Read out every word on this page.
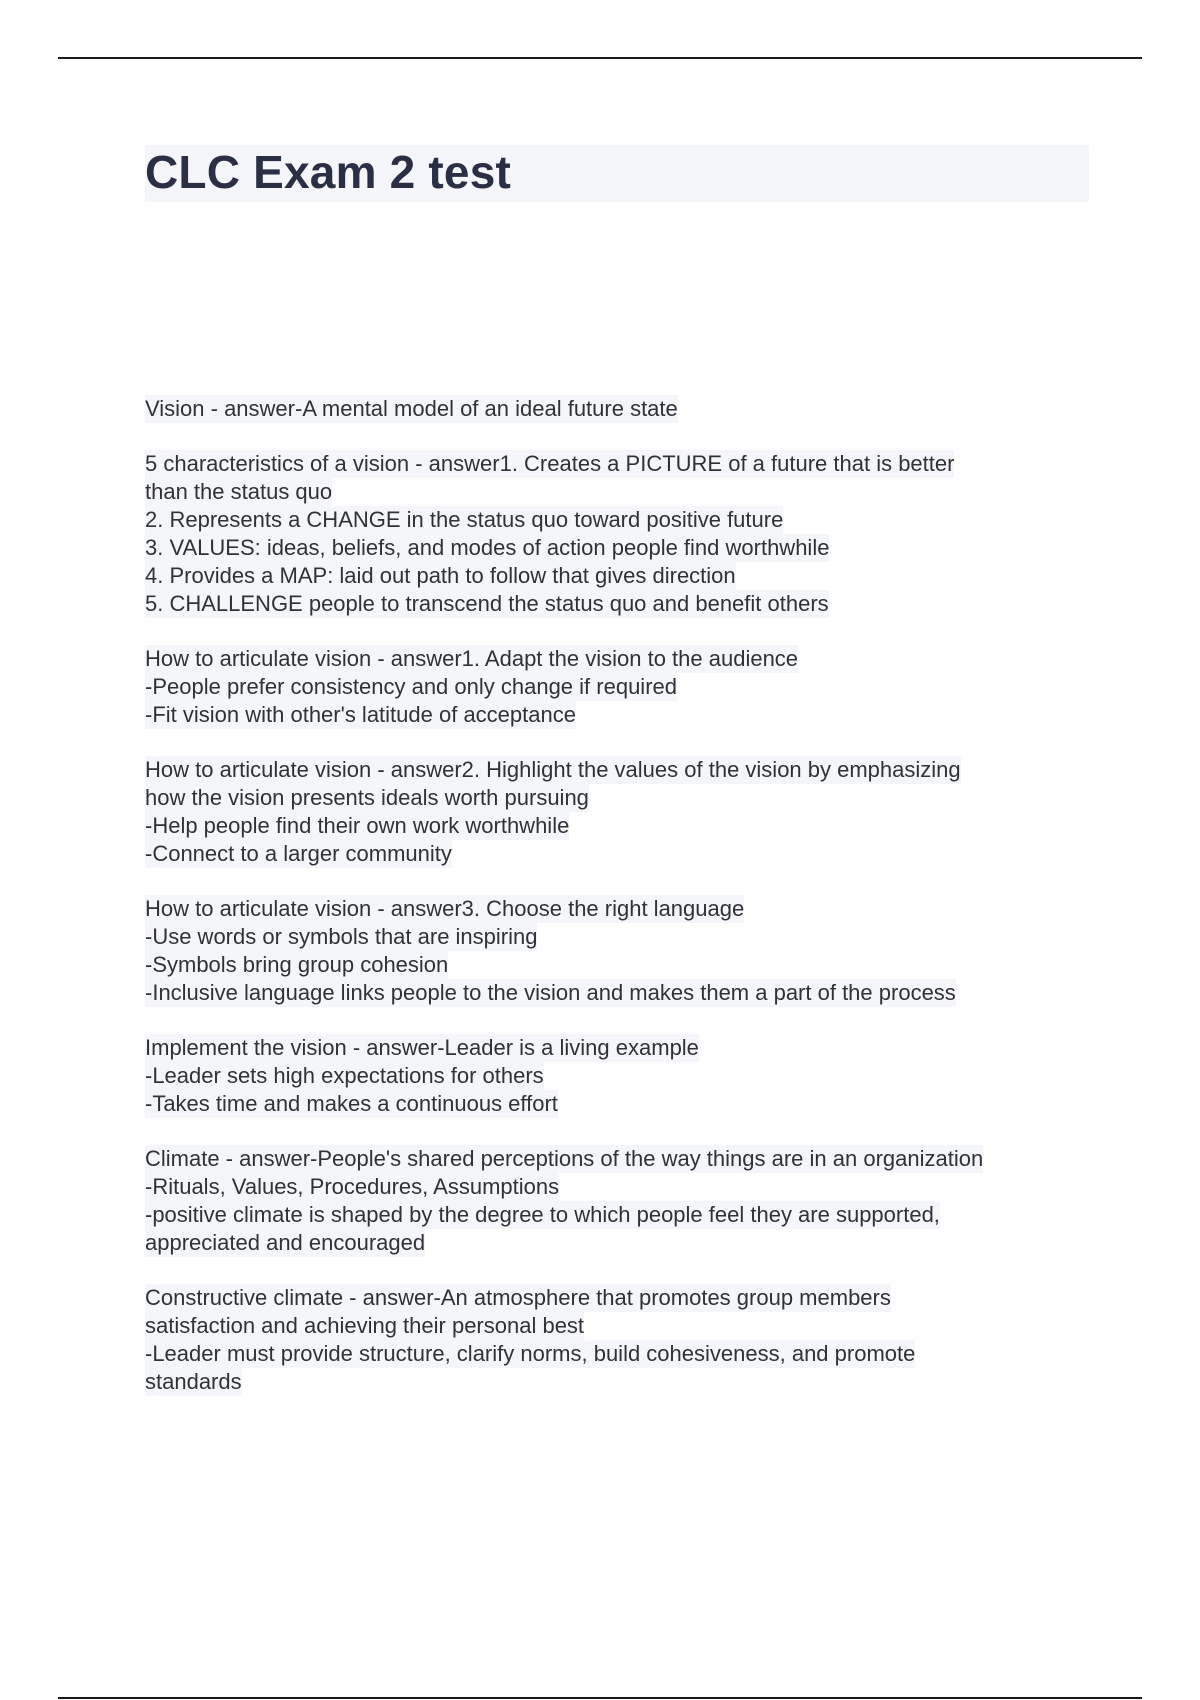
CLC Exam 2 test
Vision - answer-A mental model of an ideal future state
5 characteristics of a vision - answer1. Creates a PICTURE of a future that is better
than the status quo
2. Represents a CHANGE in the status quo toward positive future
3. VALUES: ideas, beliefs, and modes of action people find worthwhile
4. Provides a MAP: laid out path to follow that gives direction
5. CHALLENGE people to transcend the status quo and benefit others
How to articulate vision - answer1. Adapt the vision to the audience
-People prefer consistency and only change if required
-Fit vision with other's latitude of acceptance
How to articulate vision - answer2. Highlight the values of the vision by emphasizing
how the vision presents ideals worth pursuing
-Help people find their own work worthwhile
-Connect to a larger community
How to articulate vision - answer3. Choose the right language
-Use words or symbols that are inspiring
-Symbols bring group cohesion
-Inclusive language links people to the vision and makes them a part of the process
Implement the vision - answer-Leader is a living example
-Leader sets high expectations for others
-Takes time and makes a continuous effort
Climate - answer-People's shared perceptions of the way things are in an organization
-Rituals, Values, Procedures, Assumptions
-positive climate is shaped by the degree to which people feel they are supported,
appreciated and encouraged
Constructive climate - answer-An atmosphere that promotes group members
satisfaction and achieving their personal best
-Leader must provide structure, clarify norms, build cohesiveness, and promote
standards
